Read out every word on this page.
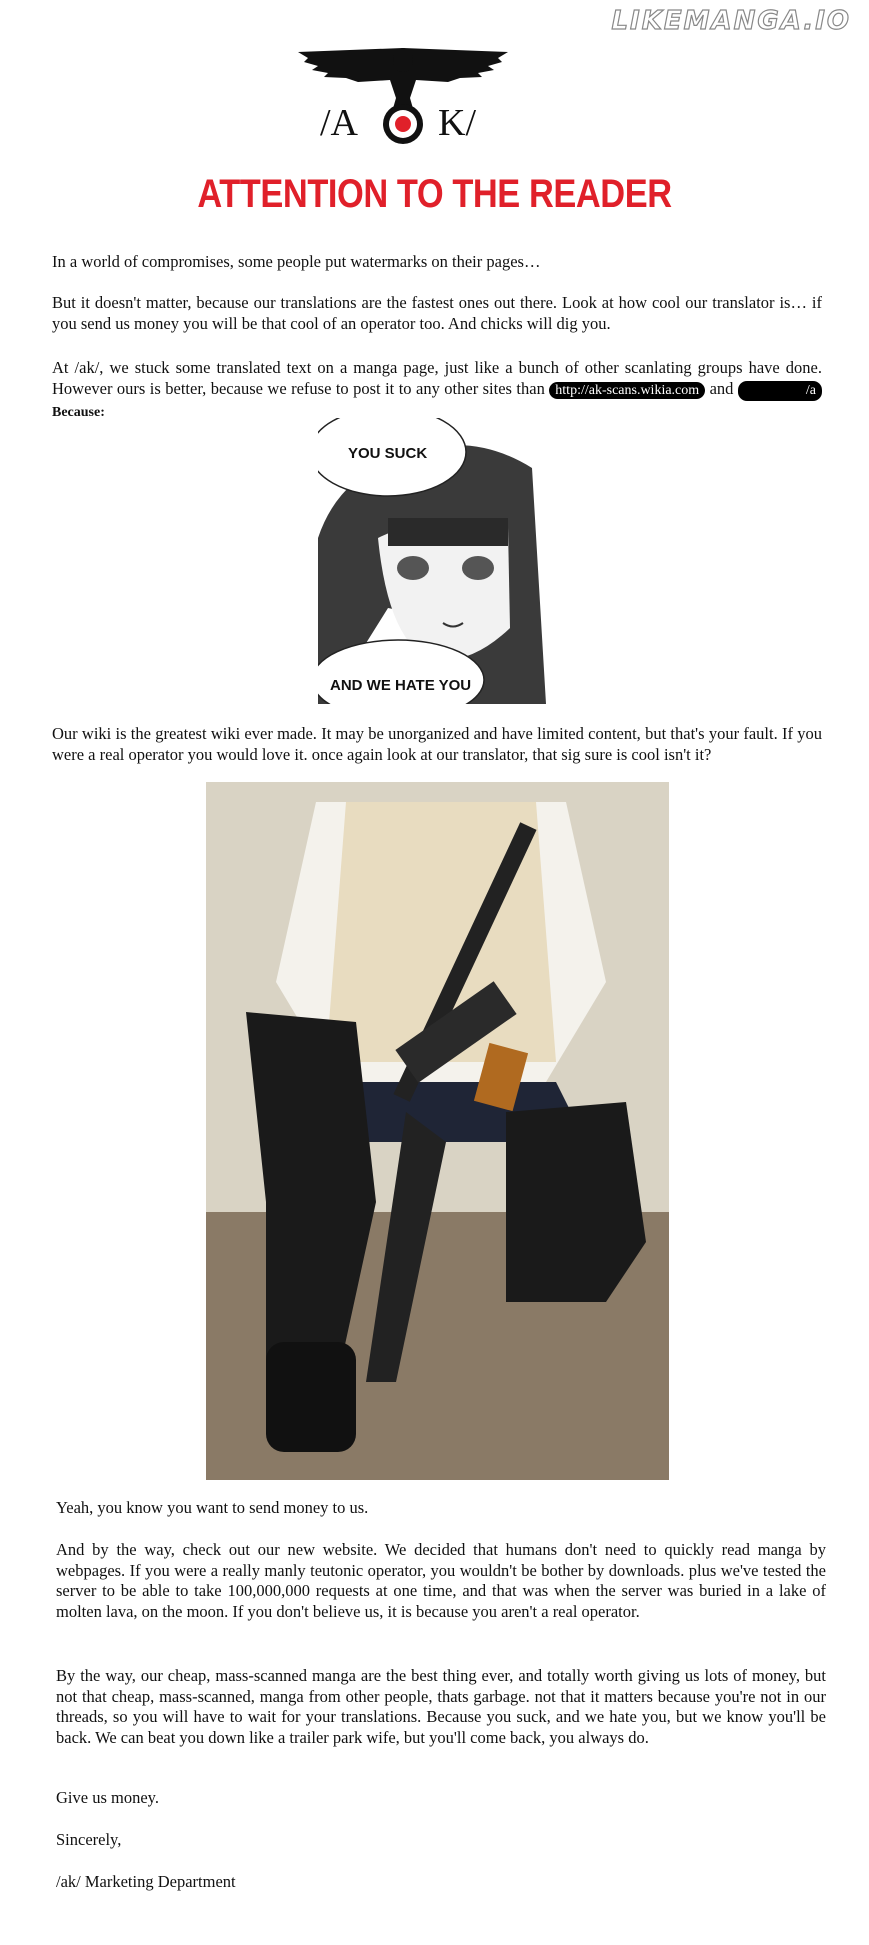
LIKEMANGA.IO
/A K/
ATTENTION TO THE READER
In a world of compromises, some people put watermarks on their pages…
But it doesn't matter, because our translations are the fastest ones out there. Look at how cool our translator is… if you send us money you will be that cool of an operator too. And chicks will dig you.
At /ak/, we stuck some translated text on a manga page, just like a bunch of other scanlating groups have done. However ours is better, because we refuse to post it to any other sites than http://ak-scans.wikia.com and	/a Because:
YOU SUCK
AND WE HATE YOU
Our wiki is the greatest wiki ever made. It may be unorganized and have limited content, but that's your fault. If you were a real operator you would love it. once again look at our translator, that sig sure is cool isn't it?
Yeah, you know you want to send money to us.
And by the way, check out our new website. We decided that humans don't need to quickly read manga by webpages. If you were a really manly teutonic operator, you wouldn't be bother by downloads. plus we've tested the server to be able to take 100,000,000 requests at one time, and that was when the server was buried in a lake of molten lava, on the moon. If you don't believe us, it is because you aren't a real operator.
By the way, our cheap, mass-scanned manga are the best thing ever, and totally worth giving us lots of money, but not that cheap, mass-scanned, manga from other people, thats garbage. not that it matters because you're not in our threads, so you will have to wait for your translations. Because you suck, and we hate you, but we know you'll be back. We can beat you down like a trailer park wife, but you'll come back, you always do.
Give us money.
Sincerely,
/ak/ Marketing Department
